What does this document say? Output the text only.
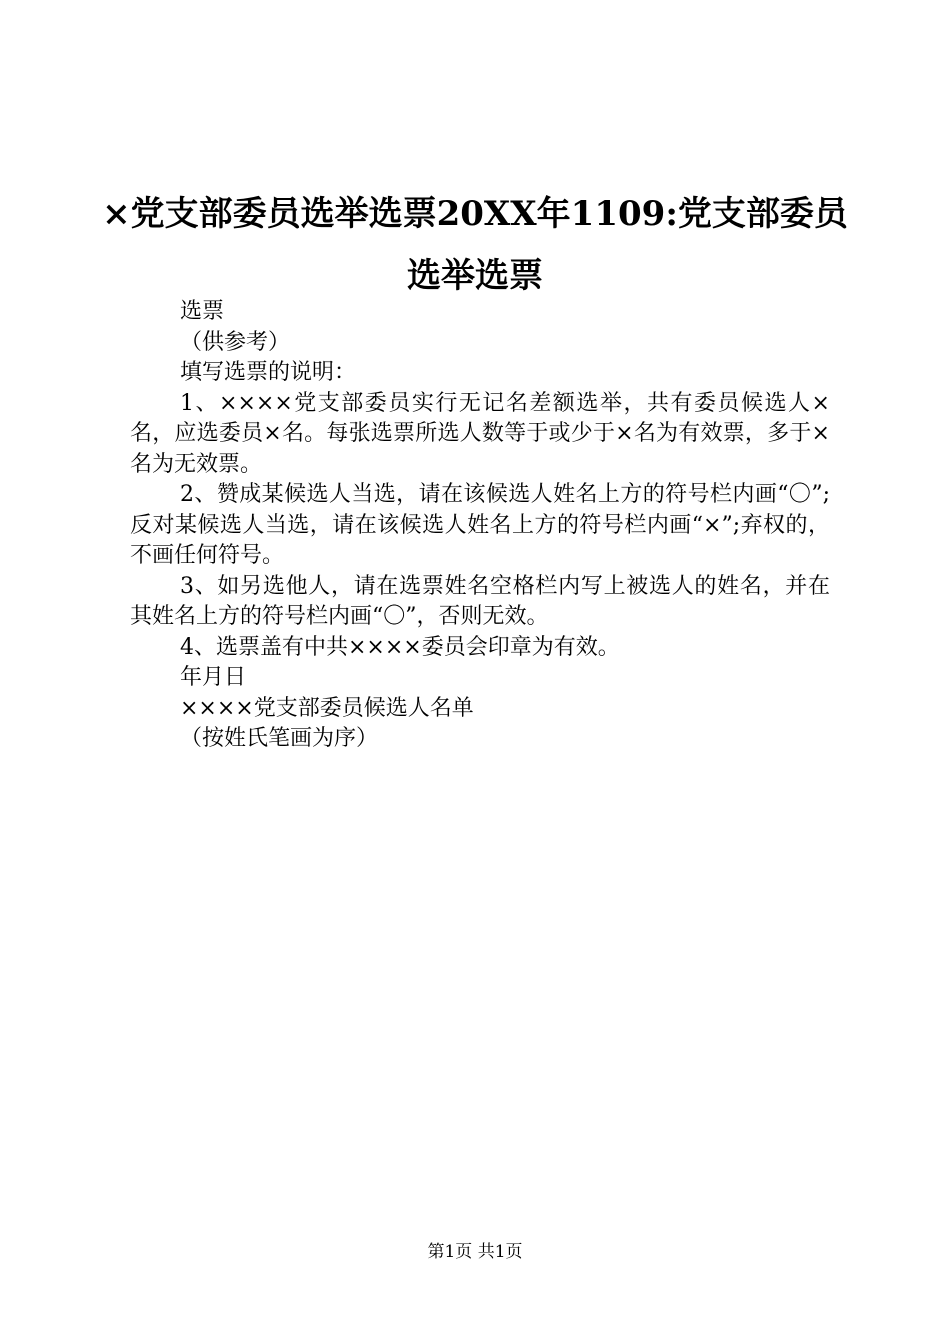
×党支部委员选举选票20XX年1109:党支部委员选举选票

选票

（供参考）

填写选票的说明：

1、××××党支部委员实行无记名差额选举，共有委员候选人×名，应选委员×名。每张选票所选人数等于或少于×名为有效票，多于×名为无效票。

2、赞成某候选人当选，请在该候选人姓名上方的符号栏内画“〇”;反对某候选人当选，请在该候选人姓名上方的符号栏内画“×”;弃权的，不画任何符号。

3、如另选他人，请在选票姓名空格栏内写上被选人的姓名，并在其姓名上方的符号栏内画“〇”，否则无效。

4、选票盖有中共××××委员会印章为有效。

年月日

××××党支部委员候选人名单

（按姓氏笔画为序）

第1页 共1页
